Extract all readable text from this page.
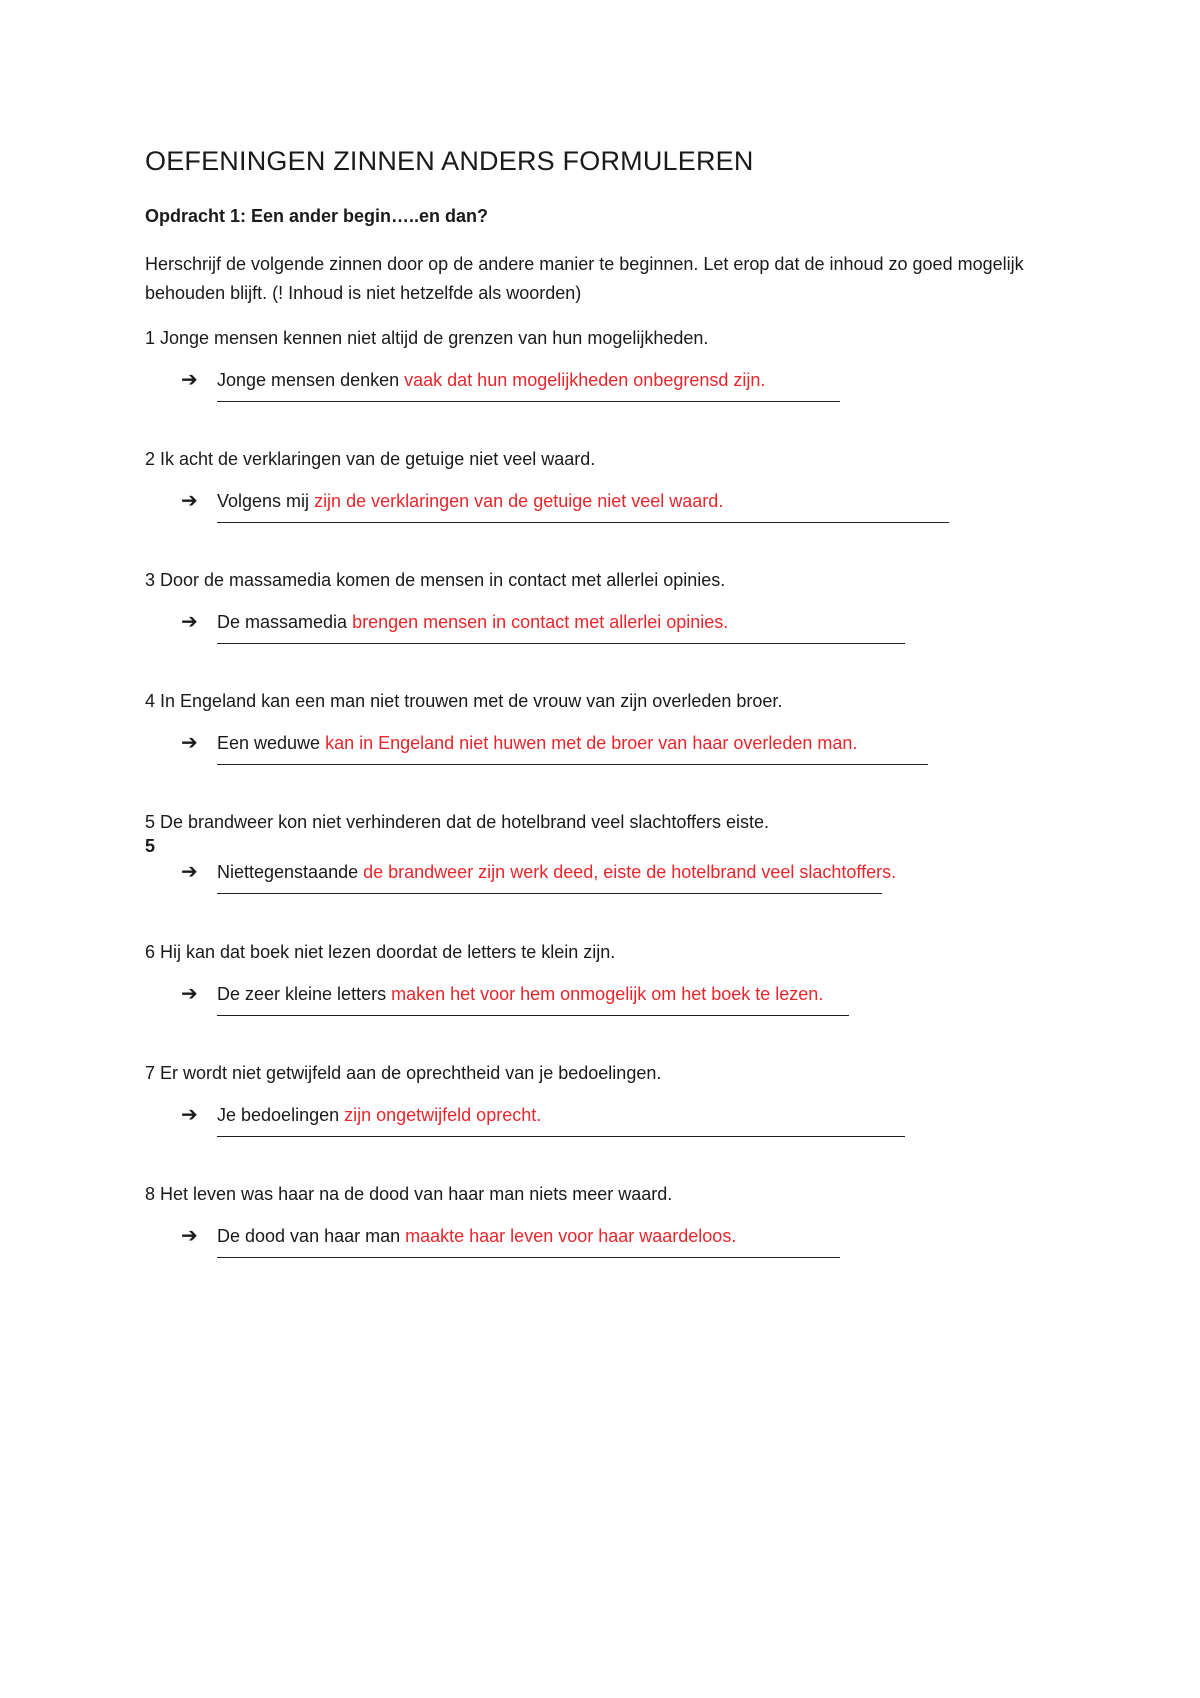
OEFENINGEN ZINNEN ANDERS FORMULEREN
Opdracht 1: Een ander begin…..en dan?
Herschrijf de volgende zinnen door op de andere manier te beginnen. Let erop dat de inhoud zo goed mogelijk behouden blijft. (! Inhoud is niet hetzelfde als woorden)
1 Jonge mensen kennen niet altijd de grenzen van hun mogelijkheden.
➔ Jonge mensen denken vaak dat hun mogelijkheden onbegrensd zijn.
2 Ik acht de verklaringen van de getuige niet veel waard.
➔ Volgens mij zijn de verklaringen van de getuige niet veel waard.
3 Door de massamedia komen de mensen in contact met allerlei opinies.
➔ De massamedia brengen mensen in contact met allerlei opinies.
4 In Engeland kan een man niet trouwen met de vrouw van zijn overleden broer.
➔ Een weduwe kan in Engeland niet huwen met de broer van haar overleden man.
5 De brandweer kon niet verhinderen dat de hotelbrand veel slachtoffers eiste.
5
➔ Niettegenstaande de brandweer zijn werk deed, eiste de hotelbrand veel slachtoffers.
6 Hij kan dat boek niet lezen doordat de letters te klein zijn.
➔ De zeer kleine letters maken het voor hem onmogelijk om het boek te lezen.
7 Er wordt niet getwijfeld aan de oprechtheid van je bedoelingen.
➔ Je bedoelingen zijn ongetwijfeld oprecht.
8 Het leven was haar na de dood van haar man niets meer waard.
➔ De dood van haar man maakte haar leven voor haar waardeloos.
